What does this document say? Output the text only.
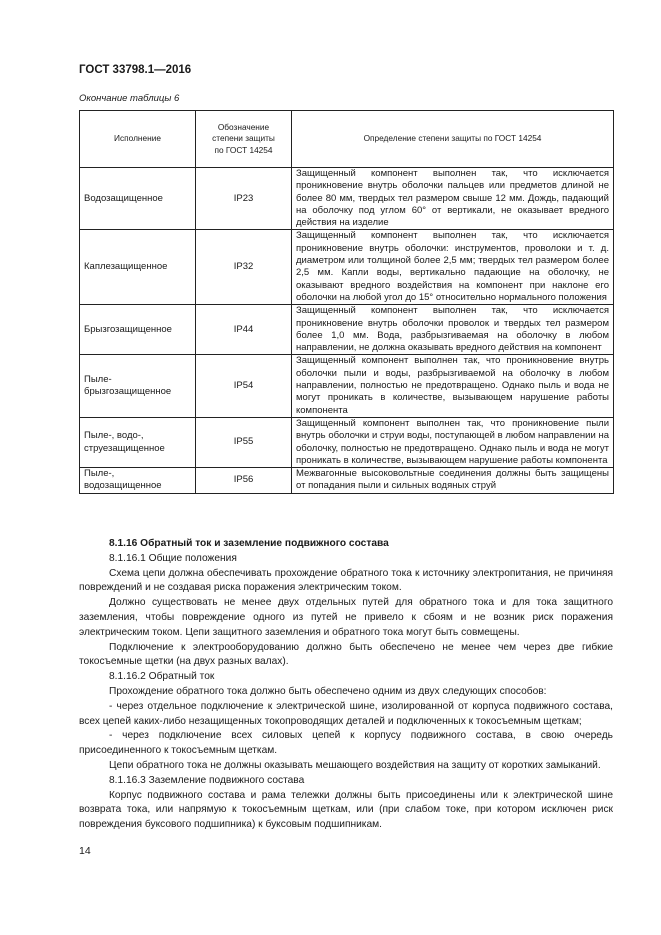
ГОСТ 33798.1—2016
Окончание таблицы 6
Исполнение	Обозначение степени защиты по ГОСТ 14254	Определение степени защиты по ГОСТ 14254
Водозащищенное	IP23	Защищенный компонент выполнен так, что исключается проникновение внутрь оболочки пальцев или предметов длиной не более 80 мм, твердых тел размером свыше 12 мм. Дождь, падающий на оболочку под углом 60° от вертикали, не оказывает вредного действия на изделие
Каплезащищенное	IP32	Защищенный компонент выполнен так, что исключается проникновение внутрь оболочки: инструментов, проволоки и т. д. диаметром или толщиной более 2,5 мм; твердых тел размером более 2,5 мм. Капли воды, вертикально падающие на оболочку, не оказывают вредного воздействия на компонент при наклоне его оболочки на любой угол до 15° относительно нормального положения
Брызгозащищенное	IP44	Защищенный компонент выполнен так, что исключается проникновение внутрь оболочки проволок и твердых тел размером более 1,0 мм. Вода, разбрызгиваемая на оболочку в любом направлении, не должна оказывать вредного действия на компонент
Пыле-брызгозащищенное	IP54	Защищенный компонент выполнен так, что проникновение внутрь оболочки пыли и воды, разбрызгиваемой на оболочку в любом направлении, полностью не предотвращено. Однако пыль и вода не могут проникать в количестве, вызывающем нарушение работы компонента
Пыле-, водо-, струезащищенное	IP55	Защищенный компонент выполнен так, что проникновение пыли внутрь оболочки и струи воды, поступающей в любом направлении на оболочку, полностью не предотвращено. Однако пыль и вода не могут проникать в количестве, вызывающем нарушение работы компонента
Пыле-, водозащищенное	IP56	Межвагонные высоковольтные соединения должны быть защищены от попадания пыли и сильных водяных струй

8.1.16 Обратный ток и заземление подвижного состава

8.1.16.1 Общие положения

Схема цепи должна обеспечивать прохождение обратного тока к источнику электропитания, не причиняя повреждений и не создавая риска поражения электрическим током.

Должно существовать не менее двух отдельных путей для обратного тока и для тока защитного заземления, чтобы повреждение одного из путей не привело к сбоям и не возник риск поражения электрическим током. Цепи защитного заземления и обратного тока могут быть совмещены.

Подключение к электрооборудованию должно быть обеспечено не менее чем через две гибкие токосъемные щетки (на двух разных валах).

8.1.16.2 Обратный ток

Прохождение обратного тока должно быть обеспечено одним из двух следующих способов:

- через отдельное подключение к электрической шине, изолированной от корпуса подвижного состава, всех цепей каких-либо незащищенных токопроводящих деталей и подключенных к токосъемным щеткам;

- через подключение всех силовых цепей к корпусу подвижного состава, в свою очередь присоединенного к токосъемным щеткам.

Цепи обратного тока не должны оказывать мешающего воздействия на защиту от коротких замыканий.

8.1.16.3 Заземление подвижного состава

Корпус подвижного состава и рама тележки должны быть присоединены или к электрической шине возврата тока, или напрямую к токосъемным щеткам, или (при слабом токе, при котором исключен риск повреждения буксового подшипника) к буксовым подшипникам.

14
